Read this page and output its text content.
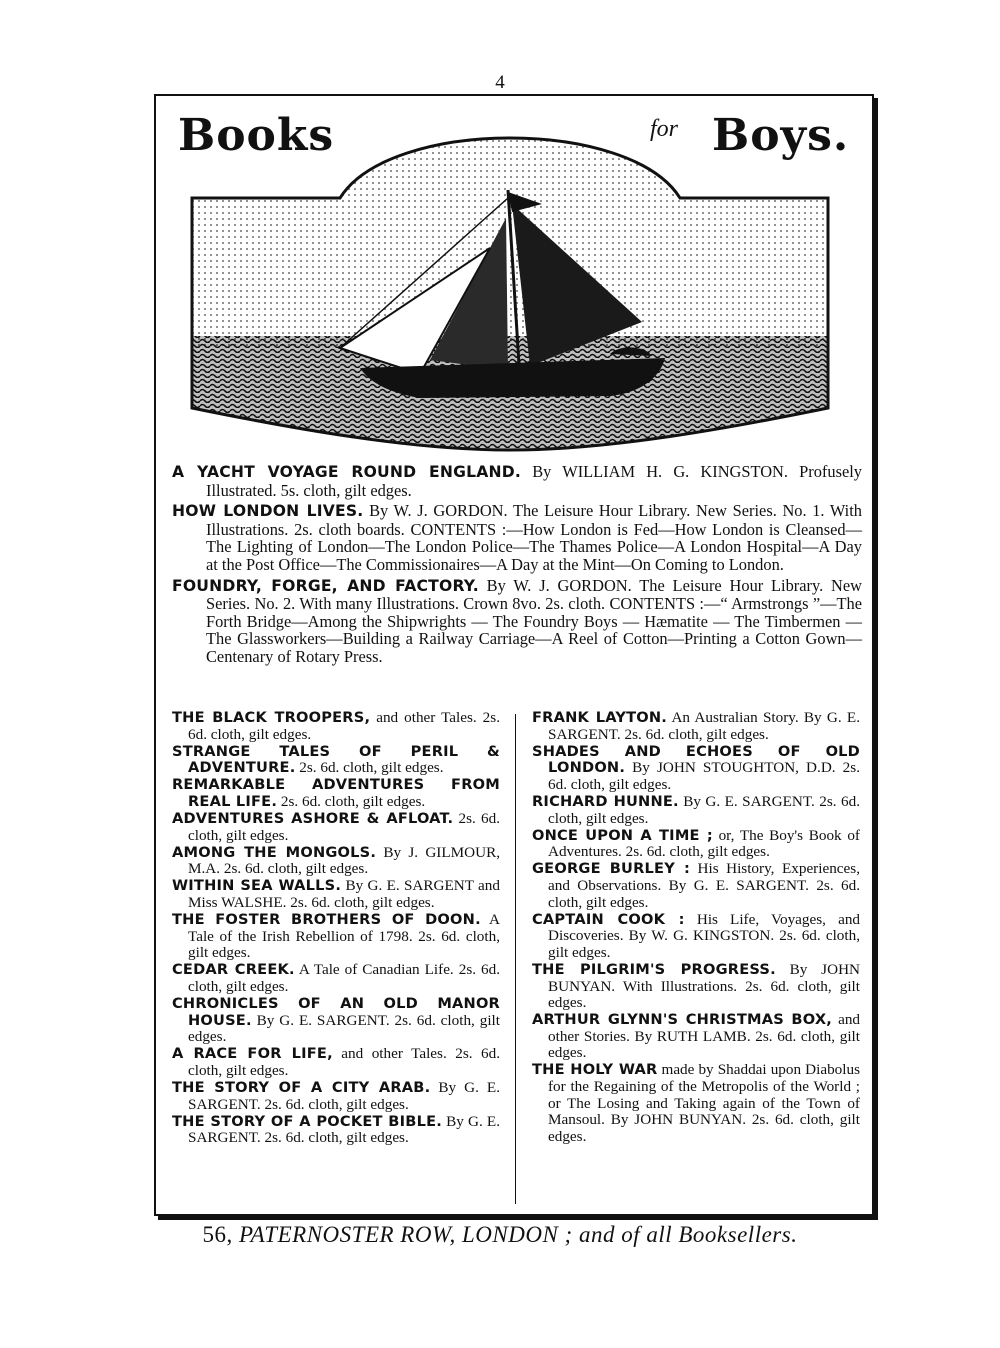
4
Books	for Boys.
A YACHT VOYAGE ROUND ENGLAND. By WILLIAM H. G. KINGSTON. Profusely Illustrated. 5s. cloth, gilt edges.
HOW LONDON LIVES. By W. J. GORDON. The Leisure Hour Library. New Series. No. 1. With Illustrations. 2s. cloth boards. CONTENTS :—How London is Fed—How London is Cleansed—The Lighting of London—The London Police—The Thames Police—A London Hospital—A Day at the Post Office—The Commissionaires—A Day at the Mint—On Coming to London.
FOUNDRY, FORGE, AND FACTORY. By W. J. GORDON. The Leisure Hour Library. New Series. No. 2. With many Illustrations. Crown 8vo. 2s. cloth. CONTENTS :—“ Armstrongs ”—The Forth Bridge—Among the Shipwrights — The Foundry Boys — Hæmatite — The Timbermen — The Glassworkers—Building a Railway Carriage—A Reel of Cotton—Printing a Cotton Gown—Centenary of Rotary Press.
THE BLACK TROOPERS, and other Tales. 2s. 6d. cloth, gilt edges.
STRANGE TALES OF PERIL & ADVENTURE. 2s. 6d. cloth, gilt edges.
REMARKABLE ADVENTURES FROM REAL LIFE. 2s. 6d. cloth, gilt edges.
ADVENTURES ASHORE & AFLOAT. 2s. 6d. cloth, gilt edges.
AMONG THE MONGOLS. By J. GILMOUR, M.A. 2s. 6d. cloth, gilt edges.
WITHIN SEA WALLS. By G. E. SARGENT and Miss WALSHE. 2s. 6d. cloth, gilt edges.
THE FOSTER BROTHERS OF DOON. A Tale of the Irish Rebellion of 1798. 2s. 6d. cloth, gilt edges.
CEDAR CREEK. A Tale of Canadian Life. 2s. 6d. cloth, gilt edges.
CHRONICLES OF AN OLD MANOR HOUSE. By G. E. SARGENT. 2s. 6d. cloth, gilt edges.
A RACE FOR LIFE, and other Tales. 2s. 6d. cloth, gilt edges.
THE STORY OF A CITY ARAB. By G. E. SARGENT. 2s. 6d. cloth, gilt edges.
THE STORY OF A POCKET BIBLE. By G. E. SARGENT. 2s. 6d. cloth, gilt edges.
FRANK LAYTON. An Australian Story. By G. E. SARGENT. 2s. 6d. cloth, gilt edges.
SHADES AND ECHOES OF OLD LONDON. By JOHN STOUGHTON, D.D. 2s. 6d. cloth, gilt edges.
RICHARD HUNNE. By G. E. SARGENT. 2s. 6d. cloth, gilt edges.
ONCE UPON A TIME ; or, The Boy's Book of Adventures. 2s. 6d. cloth, gilt edges.
GEORGE BURLEY : His History, Experiences, and Observations. By G. E. SARGENT. 2s. 6d. cloth, gilt edges.
CAPTAIN COOK : His Life, Voyages, and Discoveries. By W. G. KINGSTON. 2s. 6d. cloth, gilt edges.
THE PILGRIM'S PROGRESS. By JOHN BUNYAN. With Illustrations. 2s. 6d. cloth, gilt edges.
ARTHUR GLYNN'S CHRISTMAS BOX, and other Stories. By RUTH LAMB. 2s. 6d. cloth, gilt edges.
THE HOLY WAR made by Shaddai upon Diabolus for the Regaining of the Metropolis of the World ; or The Losing and Taking again of the Town of Mansoul. By JOHN BUNYAN. 2s. 6d. cloth, gilt edges.
56, PATERNOSTER ROW, LONDON ; and of all Booksellers.
